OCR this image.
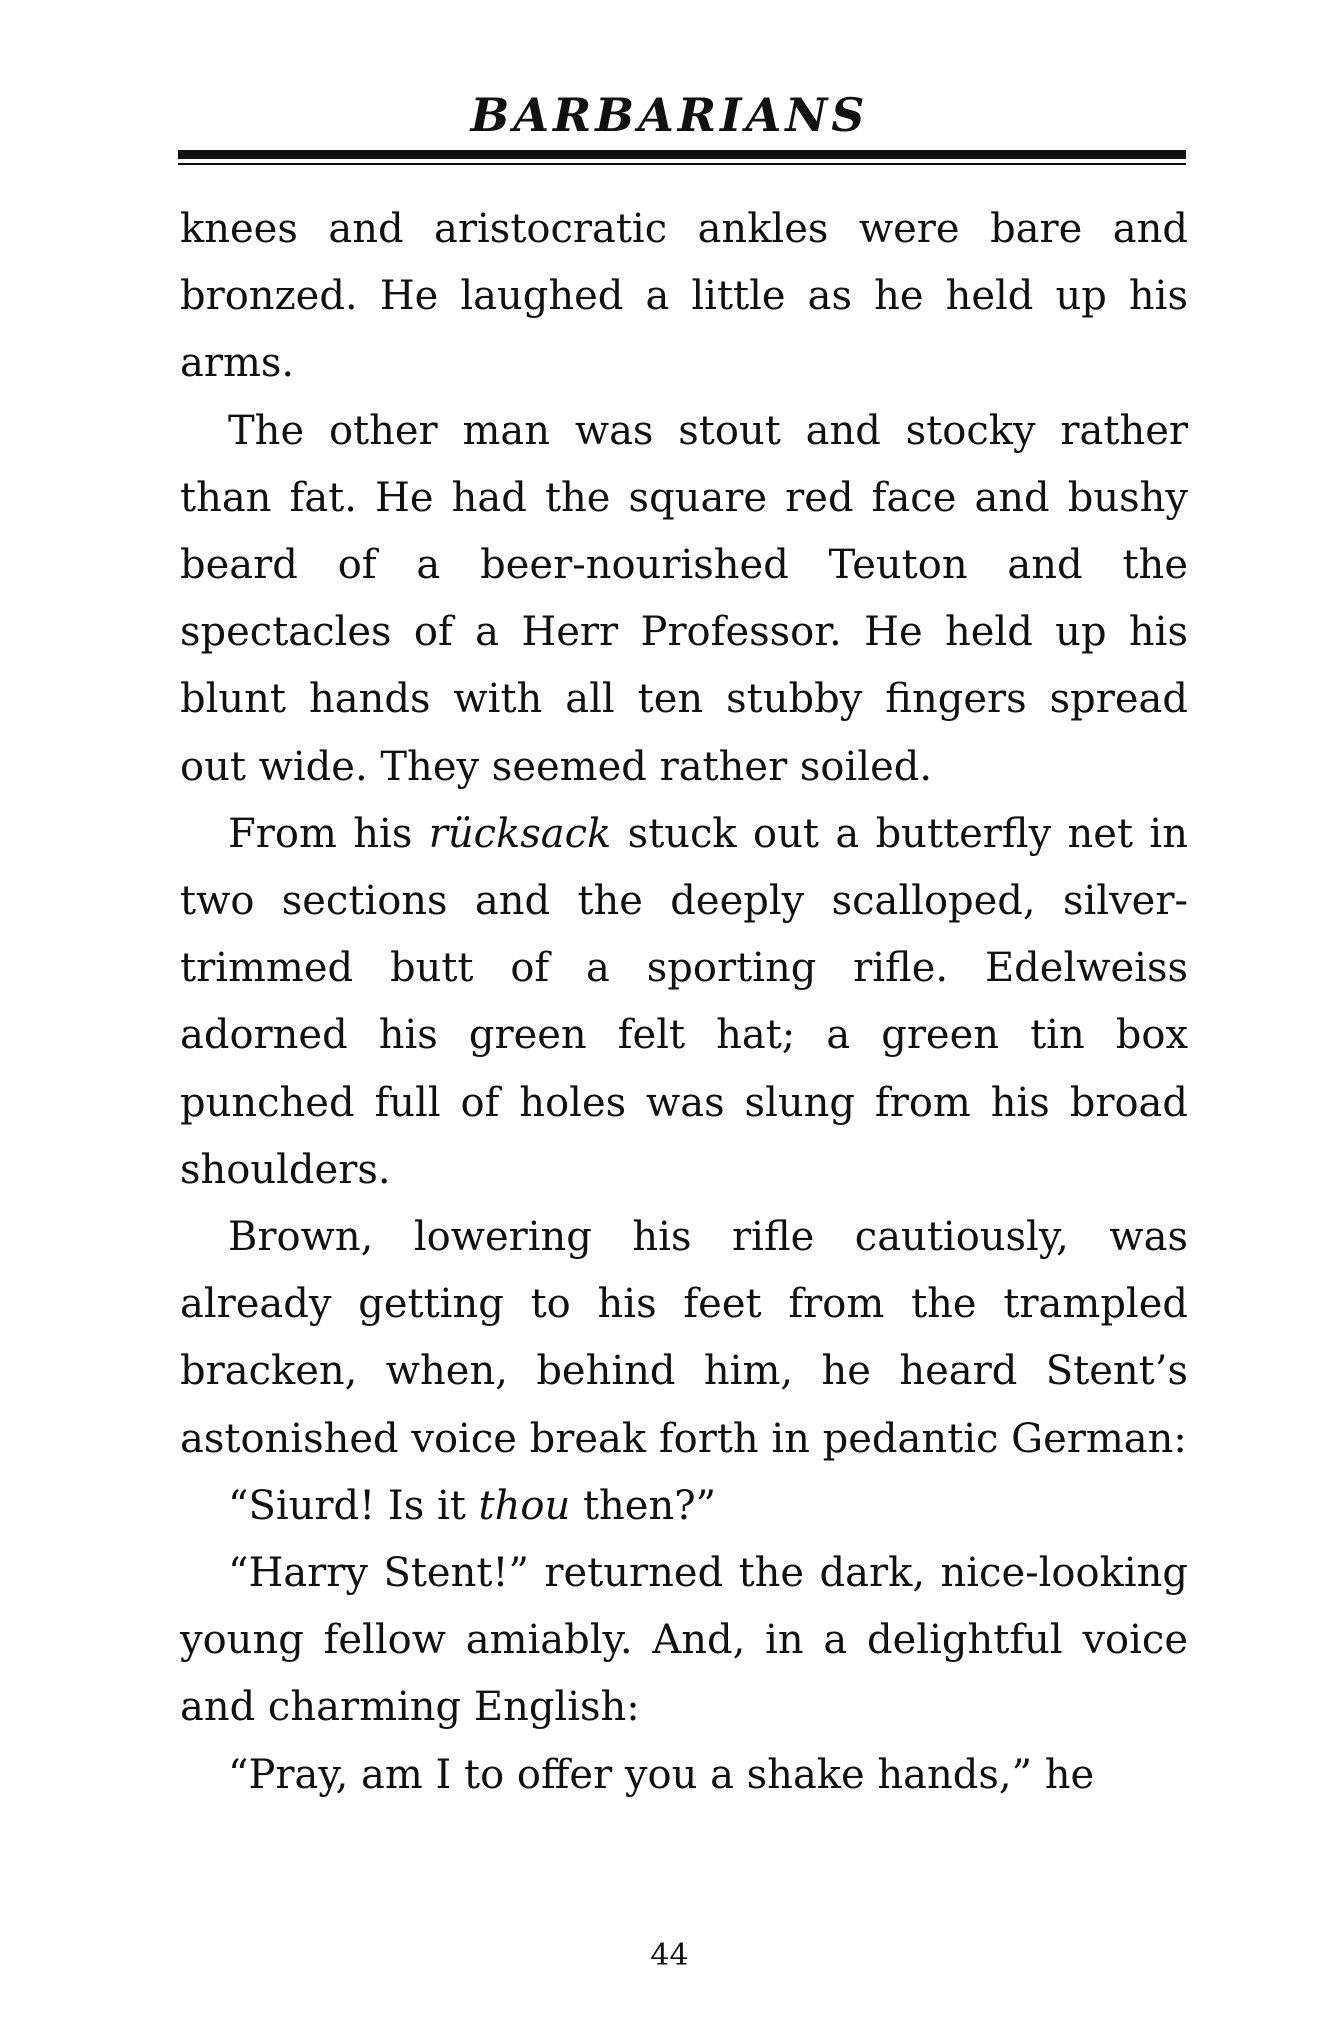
BARBARIANS

knees and aristocratic ankles were bare and bronzed. He laughed a little as he held up his arms.

The other man was stout and stocky rather than fat. He had the square red face and bushy beard of a beer-nourished Teuton and the spectacles of a Herr Professor. He held up his blunt hands with all ten stubby fingers spread out wide. They seemed rather soiled.

From his rücksack stuck out a butterfly net in two sections and the deeply scalloped, silver-trimmed butt of a sporting rifle. Edelweiss adorned his green felt hat; a green tin box punched full of holes was slung from his broad shoulders.

Brown, lowering his rifle cautiously, was already getting to his feet from the trampled bracken, when, behind him, he heard Stent’s astonished voice break forth in pedantic German:

“Siurd! Is it thou then?”

“Harry Stent!” returned the dark, nice-looking young fellow amiably. And, in a delightful voice and charming English:

“Pray, am I to offer you a shake hands,” he

44
